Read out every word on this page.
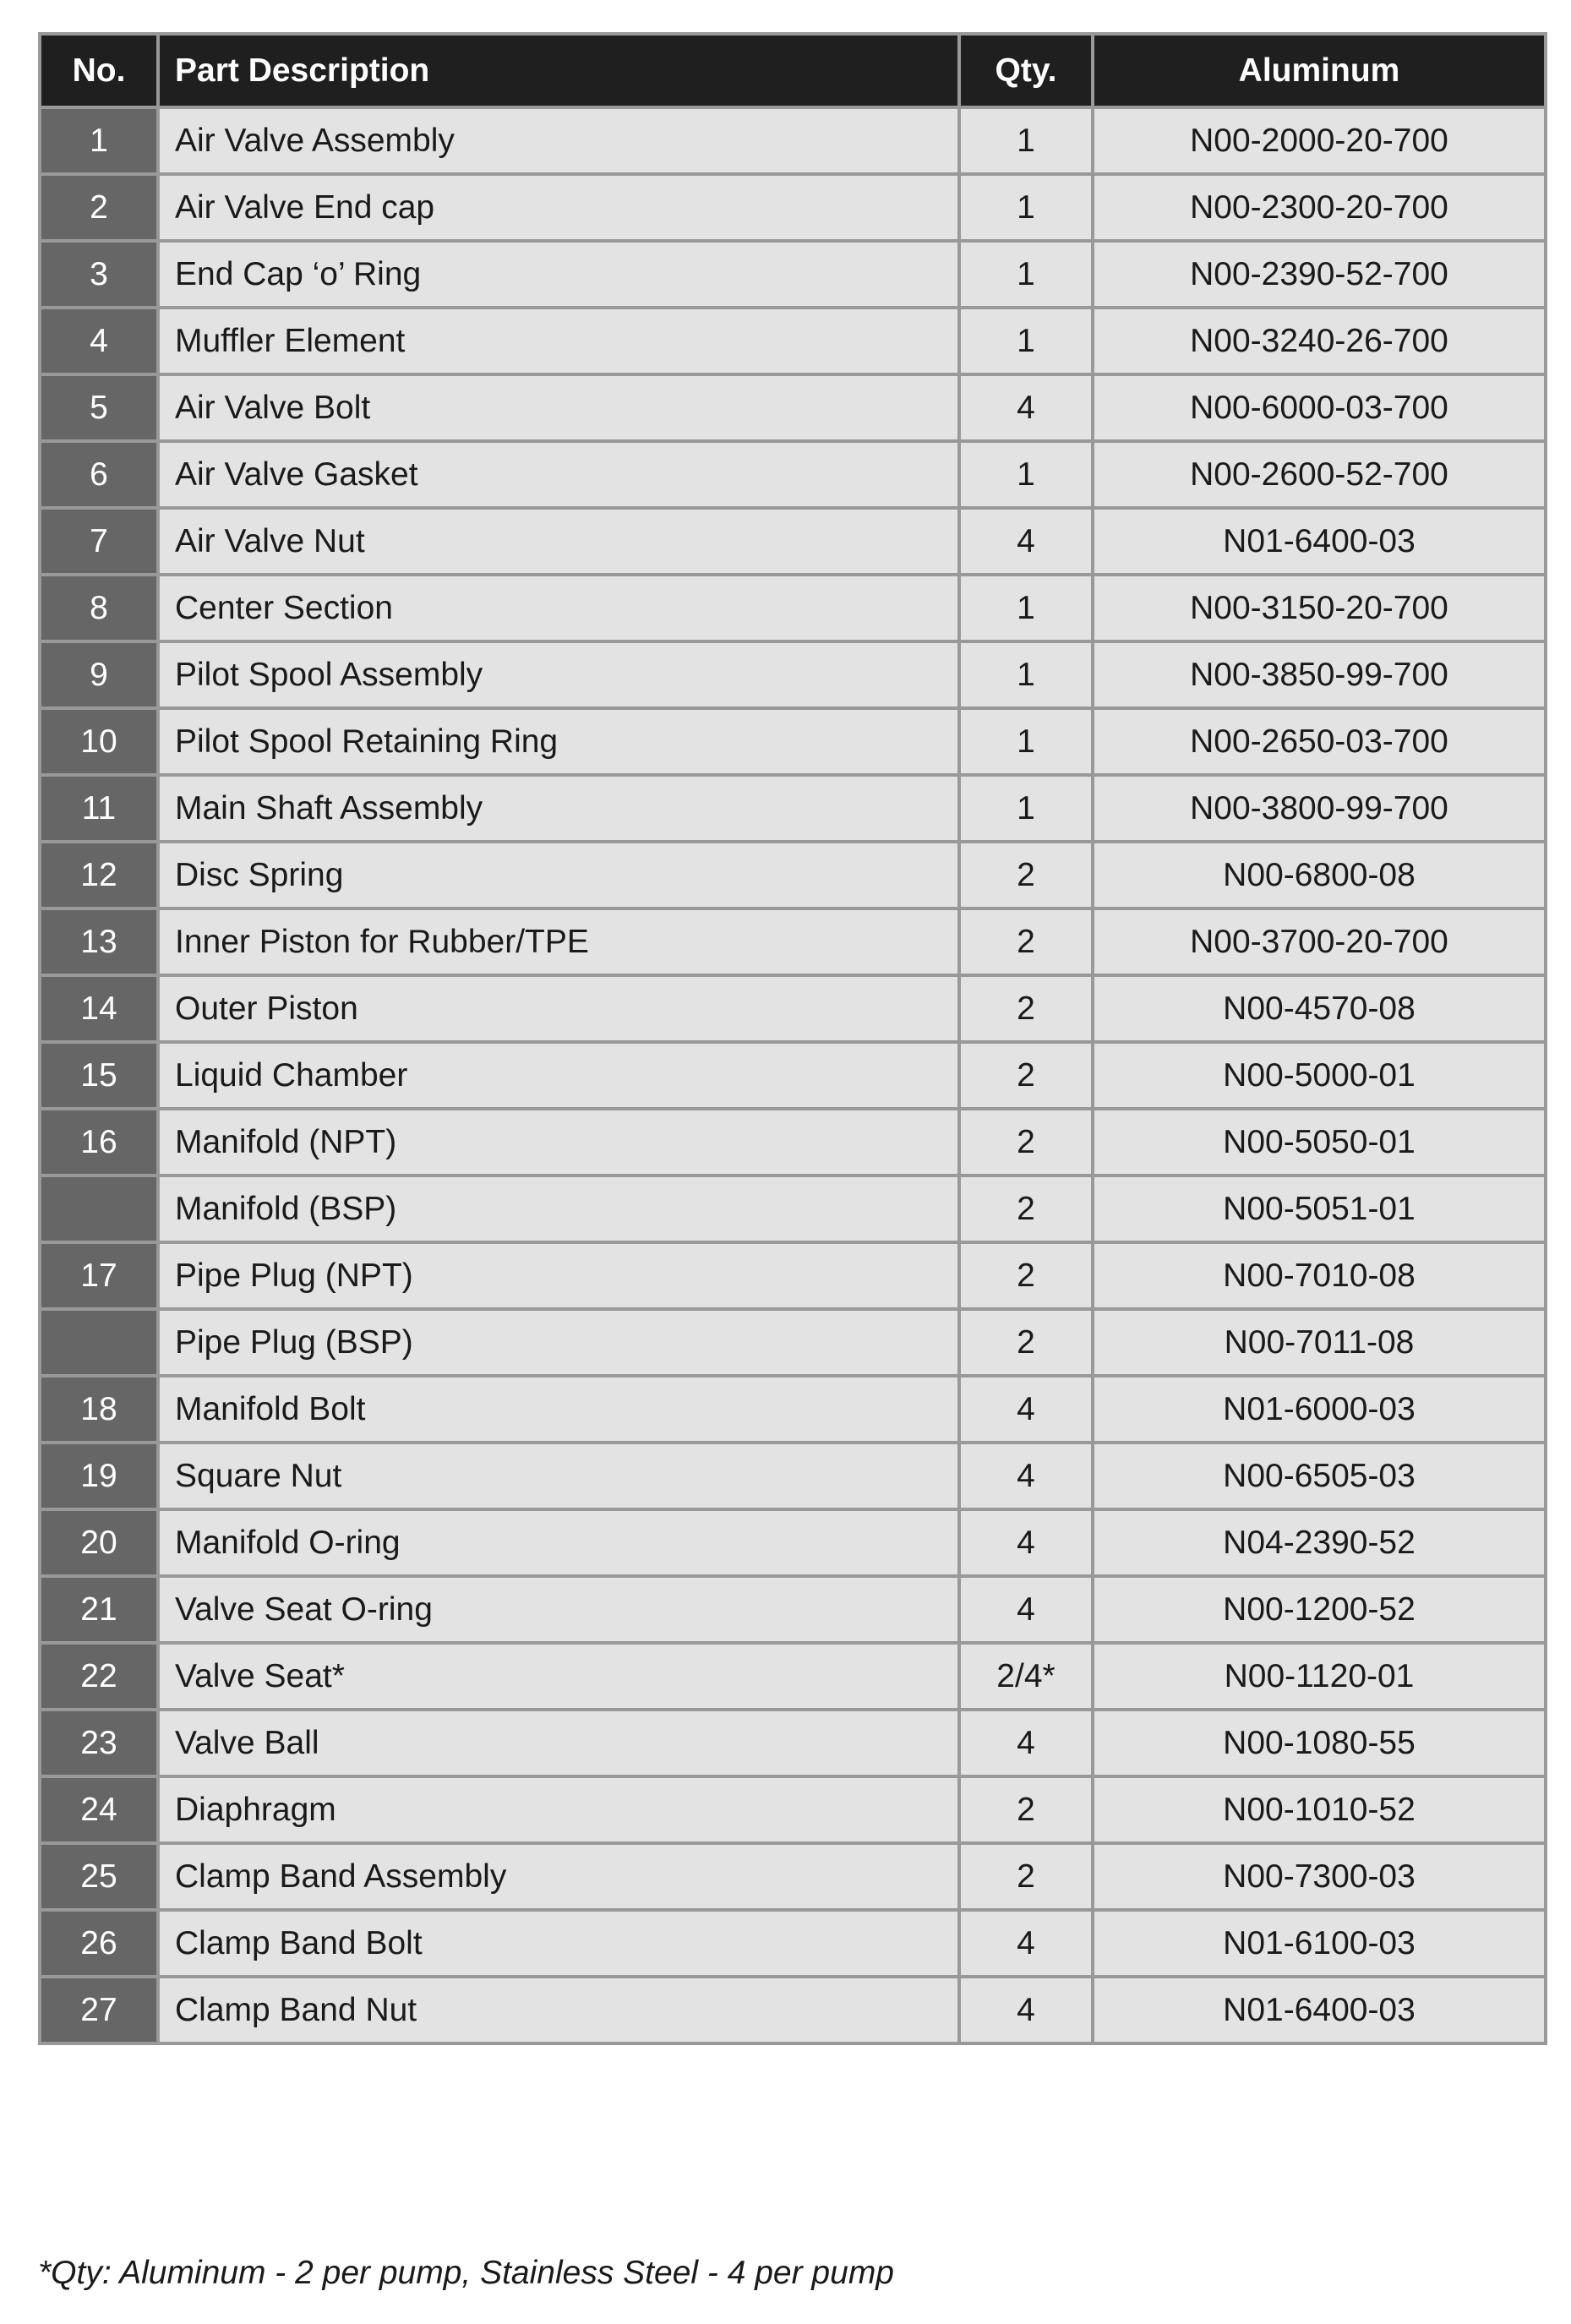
No.	Part Description	Qty.	Aluminum
1	Air Valve Assembly	1	N00-2000-20-700
2	Air Valve End cap	1	N00-2300-20-700
3	End Cap ‘o’ Ring	1	N00-2390-52-700
4	Muffler Element	1	N00-3240-26-700
5	Air Valve Bolt	4	N00-6000-03-700
6	Air Valve Gasket	1	N00-2600-52-700
7	Air Valve Nut	4	N01-6400-03
8	Center Section	1	N00-3150-20-700
9	Pilot Spool Assembly	1	N00-3850-99-700
10	Pilot Spool Retaining Ring	1	N00-2650-03-700
11	Main Shaft Assembly	1	N00-3800-99-700
12	Disc Spring	2	N00-6800-08
13	Inner Piston for Rubber/TPE	2	N00-3700-20-700
14	Outer Piston	2	N00-4570-08
15	Liquid Chamber	2	N00-5000-01
16	Manifold (NPT)	2	N00-5050-01
	Manifold (BSP)	2	N00-5051-01
17	Pipe Plug (NPT)	2	N00-7010-08
	Pipe Plug (BSP)	2	N00-7011-08
18	Manifold Bolt	4	N01-6000-03
19	Square Nut	4	N00-6505-03
20	Manifold O-ring	4	N04-2390-52
21	Valve Seat O-ring	4	N00-1200-52
22	Valve Seat*	2/4*	N00-1120-01
23	Valve Ball	4	N00-1080-55
24	Diaphragm	2	N00-1010-52
25	Clamp Band Assembly	2	N00-7300-03
26	Clamp Band Bolt	4	N01-6100-03
27	Clamp Band Nut	4	N01-6400-03
*Qty: Aluminum - 2 per pump, Stainless Steel - 4 per pump
